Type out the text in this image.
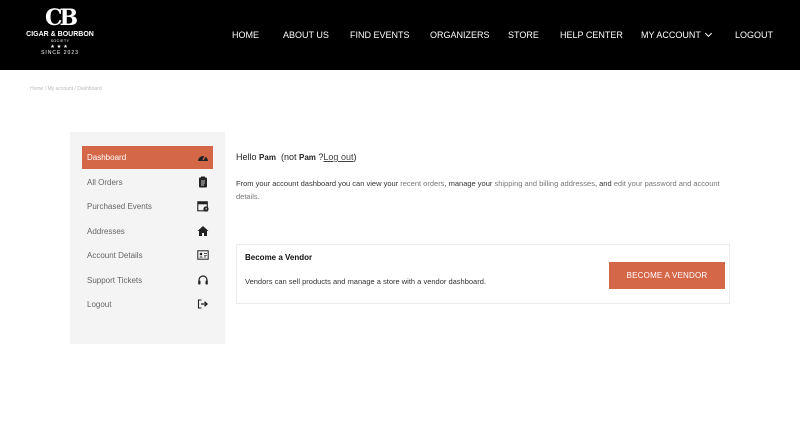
CB
CIGAR & BOURBON
SOCIETY
★★★
SINCE 2023
HOME	ABOUT US FIND EVENTS ORGANIZERS STORE HELP CENTER MY ACCOUNT	LOGOUT
Home / My account / Dashboard
Dashboard
All Orders
Purchased Events
Addresses
Account Details
Support Tickets
Logout
Hello Pam (not Pam ?Log out)
From your account dashboard you can view your recent orders, manage your shipping and billing addresses, and edit your password and account details.
Become a Vendor
Vendors can sell products and manage a store with a vendor dashboard.
BECOME A VENDOR
